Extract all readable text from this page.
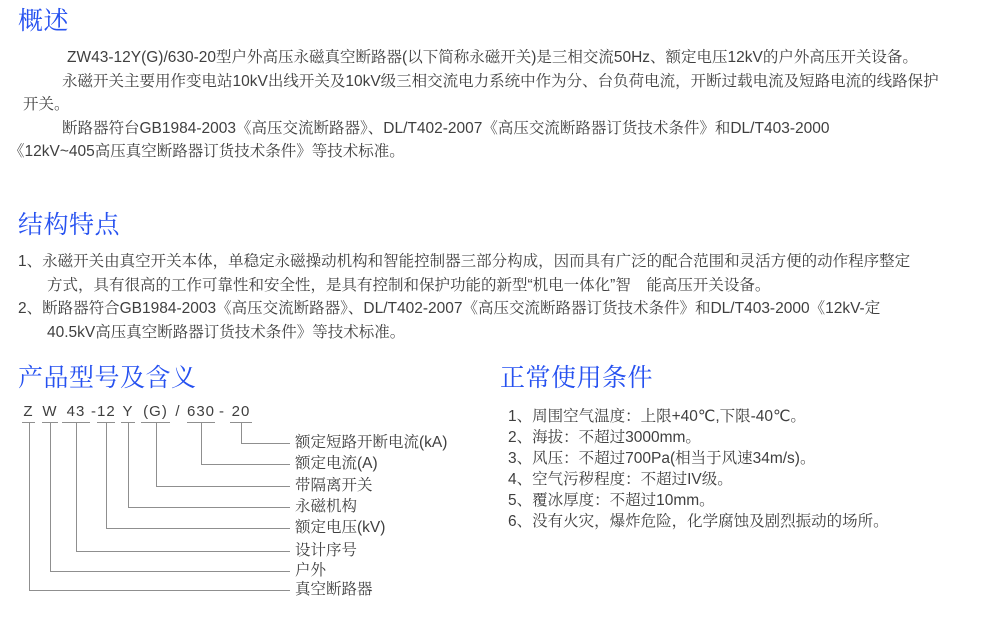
概述
ZW43-12Y(G)/630-20型户外高压永磁真空断路器(以下简称永磁开关)是三相交流50Hz、额定电压12kV的户外高压开关设备。
永磁开关主要用作变电站10kV出线开关及10kV级三相交流电力系统中作为分、台负荷电流，开断过载电流及短路电流的线路保护
开关。
断路器符台GB1984-2003《高压交流断路器》、DL/T402-2007《高压交流断路器订货技术条件》和DL/T403-2000
《12kV~405高压真空断路器订货技术条件》等技术标准。
结构特点
1、永磁开关由真空开关本体，单稳定永磁操动机构和智能控制器三部分构成，因而具有广泛的配合范围和灵活方便的动作程序整定
方式，具有很高的工作可靠性和安全性，是具有控制和保护功能的新型“机电一体化”智　能高压开关设备。
2、断路器符合GB1984-2003《高压交流断路器》、DL/T402-2007《高压交流断路器订货技术条件》和DL/T403-2000《12kV-定
40.5kV高压真空断路器订货技术条件》等技术标准。
产品型号及含义
Z
真空断路器
W
户外
43
设计序号
- 12
额定电压(kV)
Y
永磁机构
(G)
带隔离开关
/ 630
额定电流(A)
- 20
额定短路开断电流(kA)
正常使用条件
1、周围空气温度：上限+40℃,下限-40℃。
2、海拔：不超过3000mm。
3、风压：不超过700Pa(相当于风速34m/s)。
4、空气污秽程度：不超过IV级。
5、覆冰厚度：不超过10mm。
6、没有火灾，爆炸危险，化学腐蚀及剧烈振动的场所。
